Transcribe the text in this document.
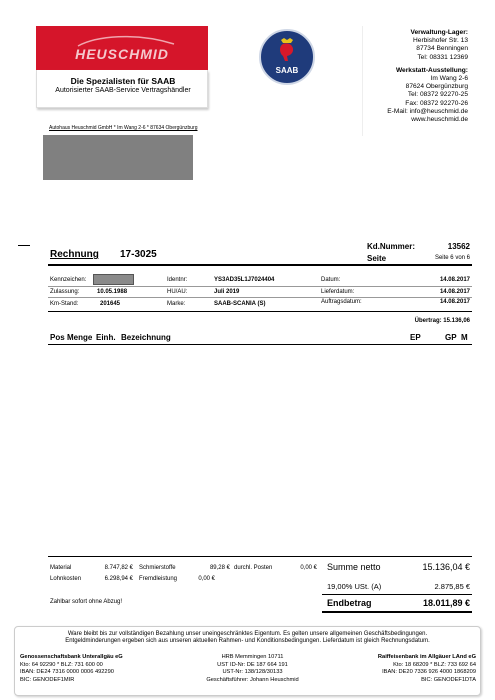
HEUSCHMID
Die Spezialisten für SAAB
Autorisierter SAAB-Service Vertragshändler
SAAB
Verwaltung-Lager:
Herbishofer Str. 13
87734 Benningen
Tel: 08331 12369
Werkstatt-Ausstellung:
Im Wang 2-6
87624 Obergünzburg
Tel: 08372 92270-25
Fax: 08372 92270-26
E-Mail: info@heuschmid.de
www.heuschmid.de
Autohaus Heuschmid GmbH * Im Wang 2-6 * 87634 Obergünzburg
Rechnung 17-3025
Kd.Nummer:	13562
Seite	Seite 6 von 6
Kennzeichen:	Identnr:	YS3AD35L1J7024404	Datum:	14.08.2017
Zulassung:	10.05.1988	HU/AU:	Juli 2019	Lieferdatum:	14.08.2017
Km-Stand:	201645	Marke:	SAAB-SCANIA (S)	Auftragsdatum:	14.08.2017
Übertrag: 15.136,06
Pos Menge Einh. Bezeichnung	EP	GP M
Material	8.747,82 € Schmierstoffe	89,28 € durchl. Posten	0,00 €
Lohnkosten	6.298,94 € Fremdleistung	0,00 €
Zahlbar sofort ohne Abzug!
Summe netto	15.136,04 €
19,00% USt. (A)	2.875,85 €
Endbetrag	18.011,89 €
Ware bleibt bis zur vollständigen Bezahlung unser uneingeschränktes Eigentum. Es gelten unsere allgemeinen Geschäftsbedingungen.
Entgeldminderungen ergeben sich aus unseren aktuellen Rahmen- und Konditionsbedingungen. Lieferdatum ist gleich Rechnungsdatum.
Genossenschaftsbank Unterallgäu eG
Kto: 64 92290 * BLZ: 731 600 00
IBAN: DE24 7316 0000 0006 492290
BIC: GENODEF1MIR
HRB Memmingen 10711
UST ID-Nr: DE 187 664 191
UST-Nr: 138/128/30133
Geschäftsführer: Johann Heuschmid
Raiffeisenbank im Allgäuer LAnd eG
Kto: 18 68209 * BLZ: 733 692 64
IBAN: DE20 7336 926 4000 1868209
BIC: GENODEF1DTA
